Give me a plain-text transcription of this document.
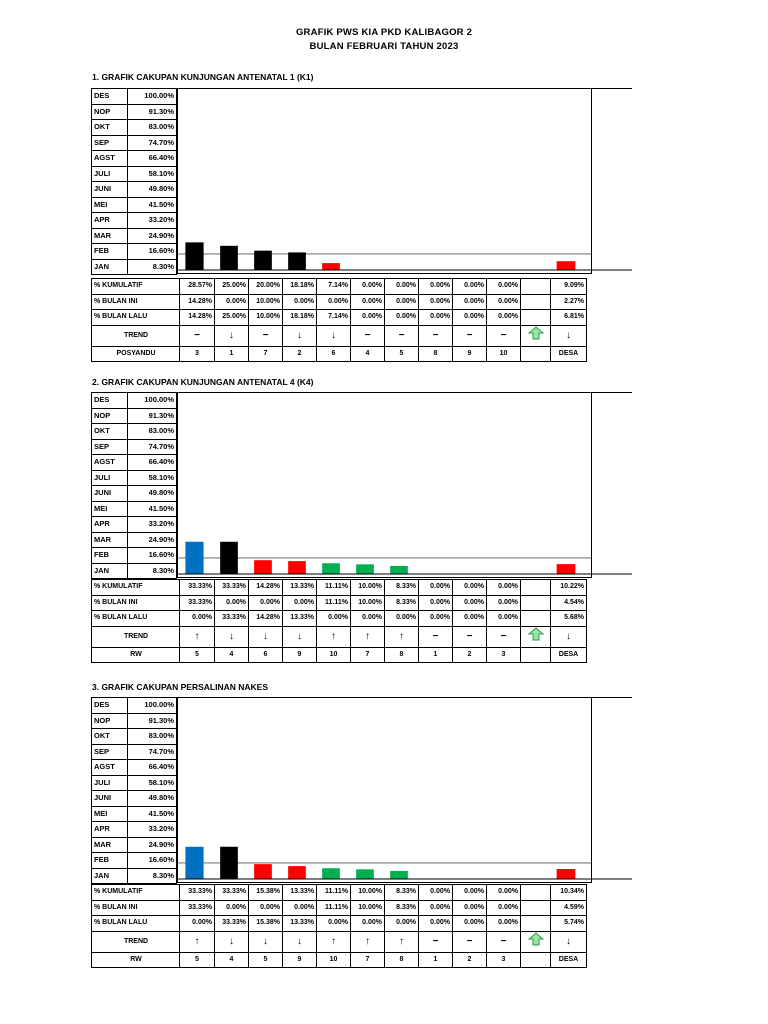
GRAFIK PWS KIA PKD KALIBAGOR 2
BULAN FEBRUARI TAHUN 2023
1. GRAFIK CAKUPAN KUNJUNGAN ANTENATAL 1 (K1)
DES	100.00%
NOP	91.30%
OKT	83.00%
SEP	74.70%
AGST	66.40%
JULI	58.10%
JUNI	49.80%
MEI	41.50%
APR	33.20%
MAR	24.90%
FEB	16.60%
JAN	8.30%
% KUMULATIF	28.57%	25.00%	20.00%	18.18%	7.14%	0.00%	0.00%	0.00%	0.00%	0.00%		9.09%
% BULAN INI	14.28%	0.00%	10.00%	0.00%	0.00%	0.00%	0.00%	0.00%	0.00%	0.00%		2.27%
% BULAN LALU	14.28%	25.00%	10.00%	18.18%	7.14%	0.00%	0.00%	0.00%	0.00%	0.00%		6.81%
TREND	−	↓	−	↓	↓	−	−	−	−	−		↓
POSYANDU	3	1	7	2	6	4	5	8	9	10		DESA
2. GRAFIK CAKUPAN KUNJUNGAN ANTENATAL 4 (K4)
DES	100.00%
NOP	91.30%
OKT	83.00%
SEP	74.70%
AGST	66.40%
JULI	58.10%
JUNI	49.80%
MEI	41.50%
APR	33.20%
MAR	24.90%
FEB	16.60%
JAN	8.30%
% KUMULATIF	33.33%	33.33%	14.28%	13.33%	11.11%	10.00%	8.33%	0.00%	0.00%	0.00%		10.22%
% BULAN INI	33.33%	0.00%	0.00%	0.00%	11.11%	10.00%	8.33%	0.00%	0.00%	0.00%		4.54%
% BULAN LALU	0.00%	33.33%	14.28%	13.33%	0.00%	0.00%	0.00%	0.00%	0.00%	0.00%		5.68%
TREND	↑	↓	↓	↓	↑	↑	↑	−	−	−		↓
RW	5	4	6	9	10	7	8	1	2	3		DESA
3. GRAFIK CAKUPAN PERSALINAN NAKES
DES	100.00%
NOP	91.30%
OKT	83.00%
SEP	74.70%
AGST	66.40%
JULI	58.10%
JUNI	49.80%
MEI	41.50%
APR	33.20%
MAR	24.90%
FEB	16.60%
JAN	8.30%
% KUMULATIF	33.33%	33.33%	15.38%	13.33%	11.11%	10.00%	8.33%	0.00%	0.00%	0.00%		10.34%
% BULAN INI	33.33%	0.00%	0.00%	0.00%	11.11%	10.00%	8.33%	0.00%	0.00%	0.00%		4.59%
% BULAN LALU	0.00%	33.33%	15.38%	13.33%	0.00%	0.00%	0.00%	0.00%	0.00%	0.00%		5.74%
TREND	↑	↓	↓	↓	↑	↑	↑	−	−	−		↓
RW	5	4	5	9	10	7	8	1	2	3		DESA
